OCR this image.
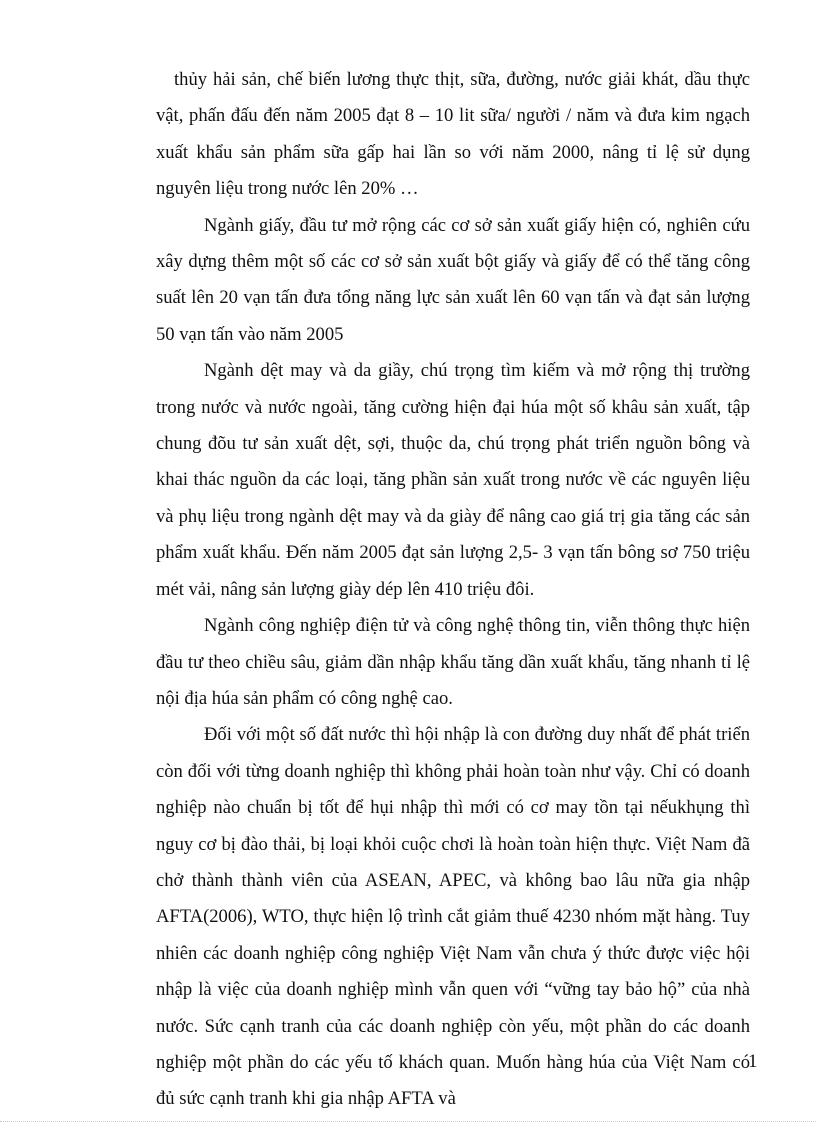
thủy hải sản, chế biến lương thực thịt, sữa, đường, nước giải khát, dầu thực vật, phấn đấu đến năm 2005 đạt 8 – 10 lit sữa/ người / năm và đưa kim ngạch xuất khẩu sản phẩm sữa gấp hai lần so với năm 2000, nâng tỉ lệ sử dụng nguyên liệu trong nước lên 20% …

Ngành giấy, đầu tư mở rộng các cơ sở sản xuất giấy hiện có, nghiên cứu xây dựng thêm một số các cơ sở sản xuất bột giấy và giấy để có thể tăng công suất lên 20 vạn tấn đưa tổng năng lực sản xuất lên 60 vạn tấn và đạt sản lượng 50 vạn tấn vào năm 2005

Ngành dệt may và da giầy, chú trọng tìm kiếm và mở rộng thị trường trong nước và nước ngoài, tăng cường hiện đại húa một số khâu sản xuất, tập chung đõu tư sản xuất dệt, sợi, thuộc da, chú trọng phát triển nguồn bông và khai thác nguồn da các loại, tăng phần sản xuất trong nước về các nguyên liệu và phụ liệu trong ngành dệt may và da giày để nâng cao giá trị gia tăng các sản phẩm xuất khẩu. Đến năm 2005 đạt sản lượng 2,5- 3 vạn tấn bông sơ 750 triệu mét vải, nâng sản lượng giày dép lên 410 triệu đôi.

Ngành công nghiệp điện tử và công nghệ thông tin, viễn thông thực hiện đầu tư theo chiều sâu, giảm dần nhập khẩu tăng dần xuất khẩu, tăng nhanh tỉ lệ nội địa húa sản phẩm có công nghệ cao.

Đối với một số đất nước thì hội nhập là con đường duy nhất để phát triển còn đối với từng doanh nghiệp thì không phải hoàn toàn như vậy. Chỉ có doanh nghiệp nào chuẩn bị tốt để hụi nhập thì mới có cơ may tồn tại nếukhụng thì nguy cơ bị đào thải, bị loại khỏi cuộc chơi là hoàn toàn hiện thực. Việt Nam đã chở thành thành viên của ASEAN, APEC, và không bao lâu nữa gia nhập AFTA(2006), WTO, thực hiện lộ trình cắt giảm thuế 4230 nhóm mặt hàng. Tuy nhiên các doanh nghiệp công nghiệp Việt Nam vẫn chưa ý thức được việc hội nhập là việc của doanh nghiệp mình vẫn quen với “vững tay bảo hộ” của nhà nước. Sức cạnh tranh của các doanh nghiệp còn yếu, một phần do các doanh nghiệp một phần do các yếu tố khách quan. Muốn hàng húa của Việt Nam có đủ sức cạnh tranh khi gia nhập AFTA và

1
